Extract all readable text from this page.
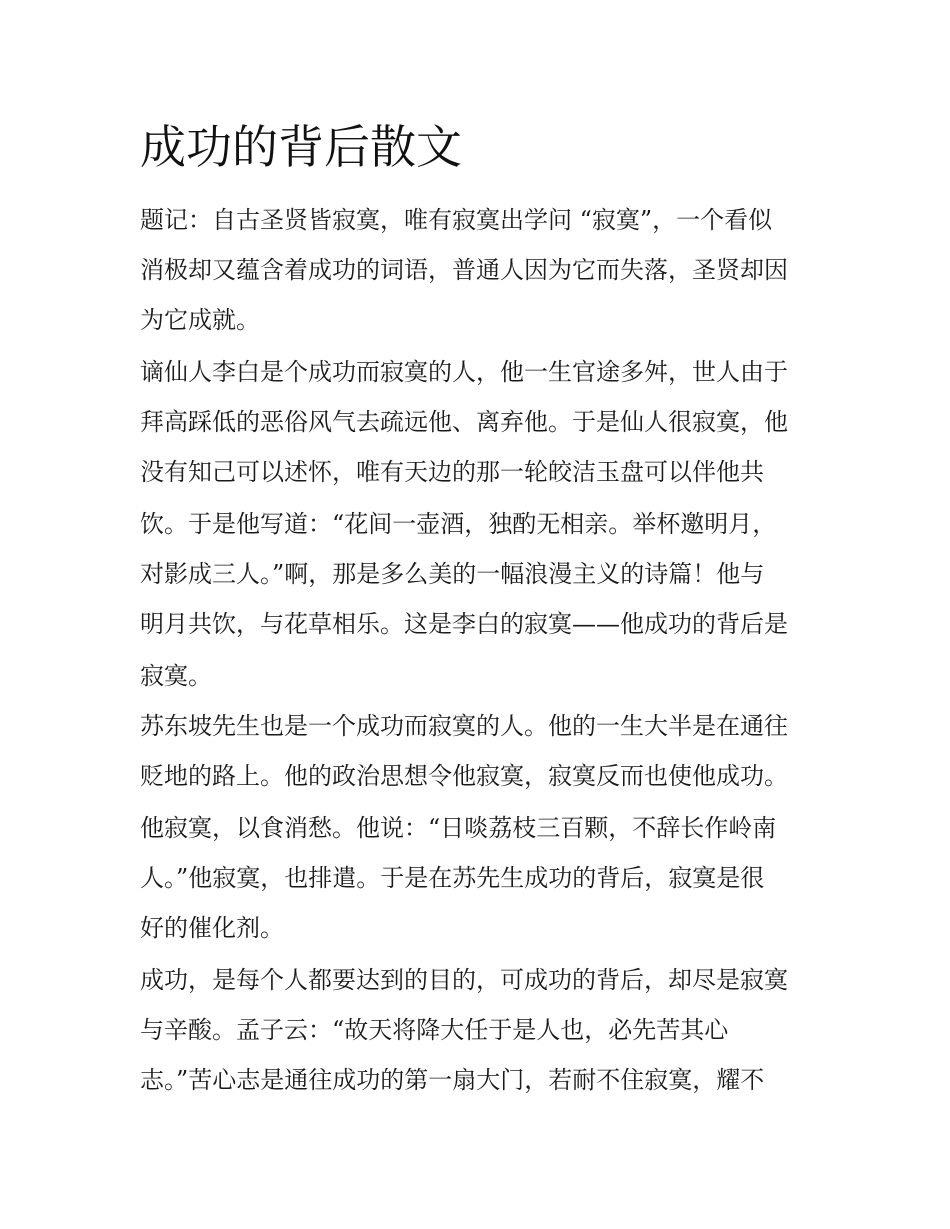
成功的背后散文

题记：自古圣贤皆寂寞，唯有寂寞出学问 “寂寞”，一个看似

消极却又蕴含着成功的词语，普通人因为它而失落，圣贤却因

为它成就。

谪仙人李白是个成功而寂寞的人，他一生官途多舛，世人由于

拜高踩低的恶俗风气去疏远他、离弃他。于是仙人很寂寞，他

没有知己可以述怀，唯有天边的那一轮皎洁玉盘可以伴他共

饮。于是他写道：“花间一壶酒，独酌无相亲。举杯邀明月，

对影成三人。”啊，那是多么美的一幅浪漫主义的诗篇！他与

明月共饮，与花草相乐。这是李白的寂寞——他成功的背后是

寂寞。

苏东坡先生也是一个成功而寂寞的人。他的一生大半是在通往

贬地的路上。他的政治思想令他寂寞，寂寞反而也使他成功。

他寂寞，以食消愁。他说：“日啖荔枝三百颗，不辞长作岭南

人。”他寂寞，也排遣。于是在苏先生成功的背后，寂寞是很

好的催化剂。

成功，是每个人都要达到的目的，可成功的背后，却尽是寂寞

与辛酸。孟子云：“故天将降大任于是人也，必先苦其心

志。”苦心志是通往成功的第一扇大门，若耐不住寂寞，耀不
